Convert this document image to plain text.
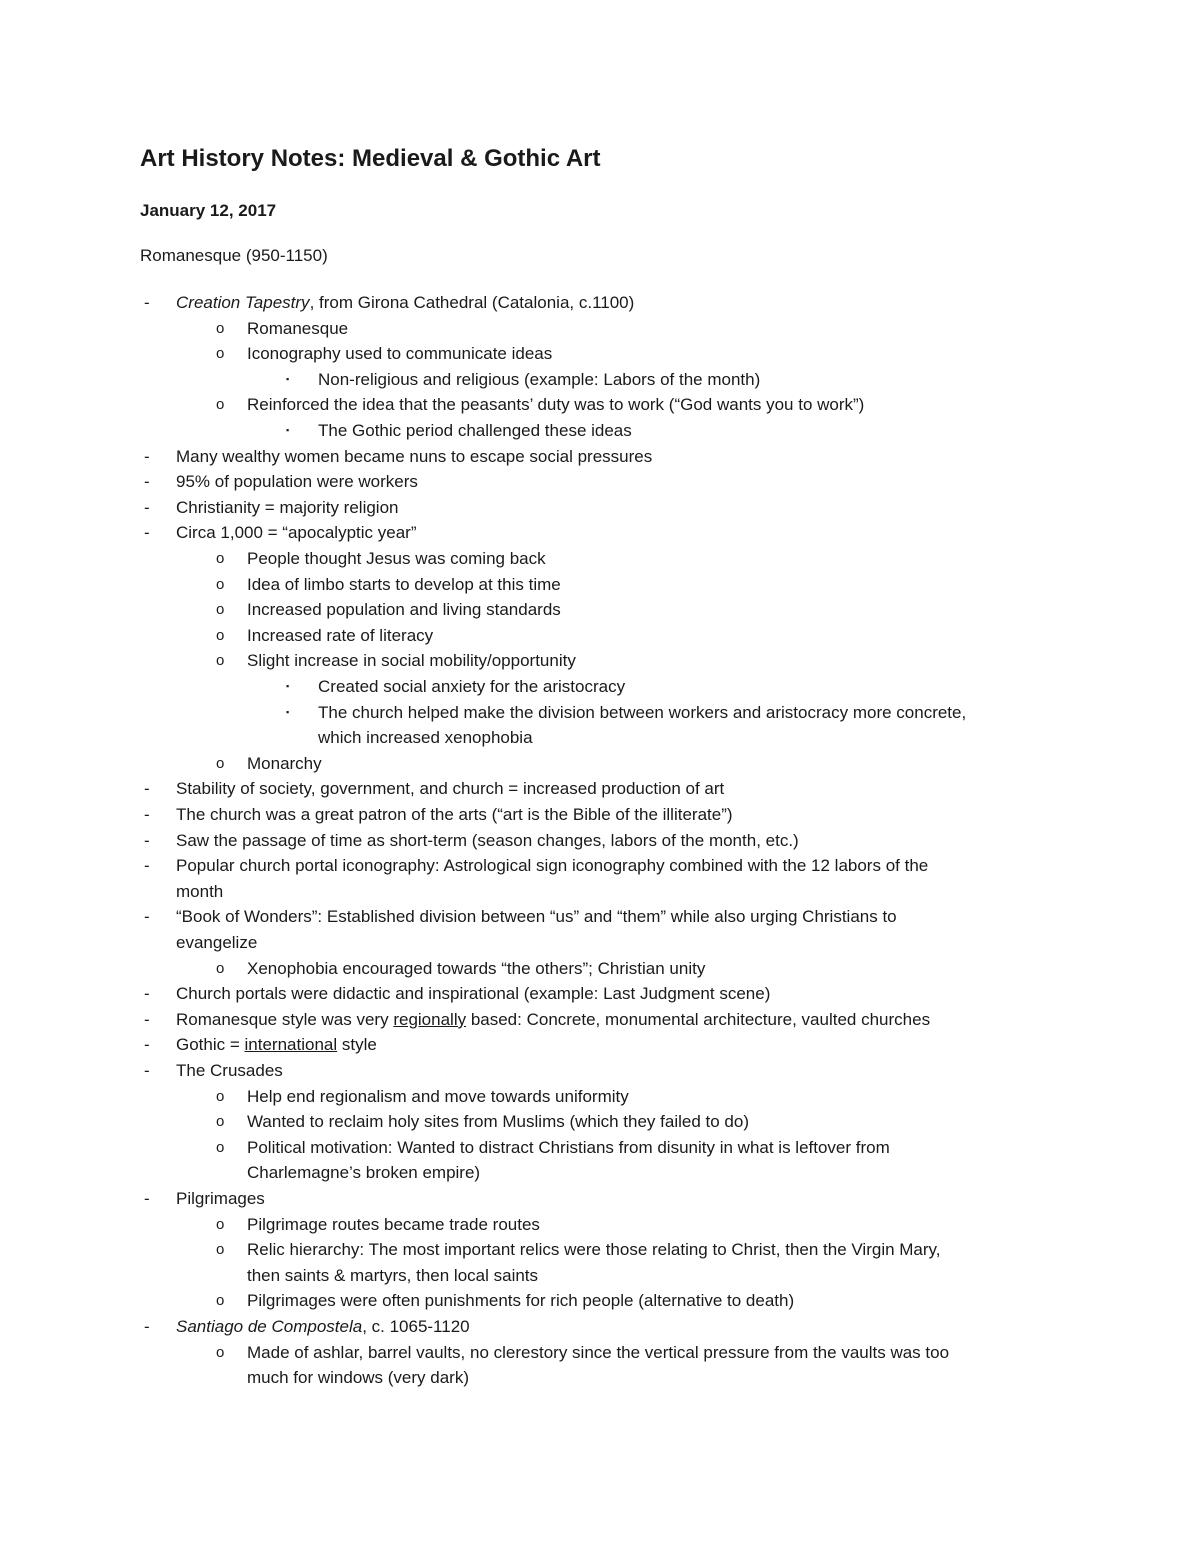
Art History Notes: Medieval & Gothic Art

January 12, 2017

Romanesque (950-1150)

- Creation Tapestry, from Girona Cathedral (Catalonia, c.1100)
o Romanesque
o Iconography used to communicate ideas
▪ Non-religious and religious (example: Labors of the month)
o Reinforced the idea that the peasants’ duty was to work (“God wants you to work”)
▪ The Gothic period challenged these ideas
- Many wealthy women became nuns to escape social pressures
- 95% of population were workers
- Christianity = majority religion
- Circa 1,000 = “apocalyptic year”
o People thought Jesus was coming back
o Idea of limbo starts to develop at this time
o Increased population and living standards
o Increased rate of literacy
o Slight increase in social mobility/opportunity
▪ Created social anxiety for the aristocracy
▪ The church helped make the division between workers and aristocracy more concrete,
which increased xenophobia
o Monarchy
- Stability of society, government, and church = increased production of art
- The church was a great patron of the arts (“art is the Bible of the illiterate”)
- Saw the passage of time as short-term (season changes, labors of the month, etc.)
- Popular church portal iconography: Astrological sign iconography combined with the 12 labors of the
month
- “Book of Wonders”: Established division between “us” and “them” while also urging Christians to
evangelize
o Xenophobia encouraged towards “the others”; Christian unity
- Church portals were didactic and inspirational (example: Last Judgment scene)
- Romanesque style was very regionally based: Concrete, monumental architecture, vaulted churches
- Gothic = international style
- The Crusades
o Help end regionalism and move towards uniformity
o Wanted to reclaim holy sites from Muslims (which they failed to do)
o Political motivation: Wanted to distract Christians from disunity in what is leftover from
Charlemagne’s broken empire)
- Pilgrimages
o Pilgrimage routes became trade routes
o Relic hierarchy: The most important relics were those relating to Christ, then the Virgin Mary,
then saints & martyrs, then local saints
o Pilgrimages were often punishments for rich people (alternative to death)
- Santiago de Compostela, c. 1065-1120
o Made of ashlar, barrel vaults, no clerestory since the vertical pressure from the vaults was too
much for windows (very dark)
